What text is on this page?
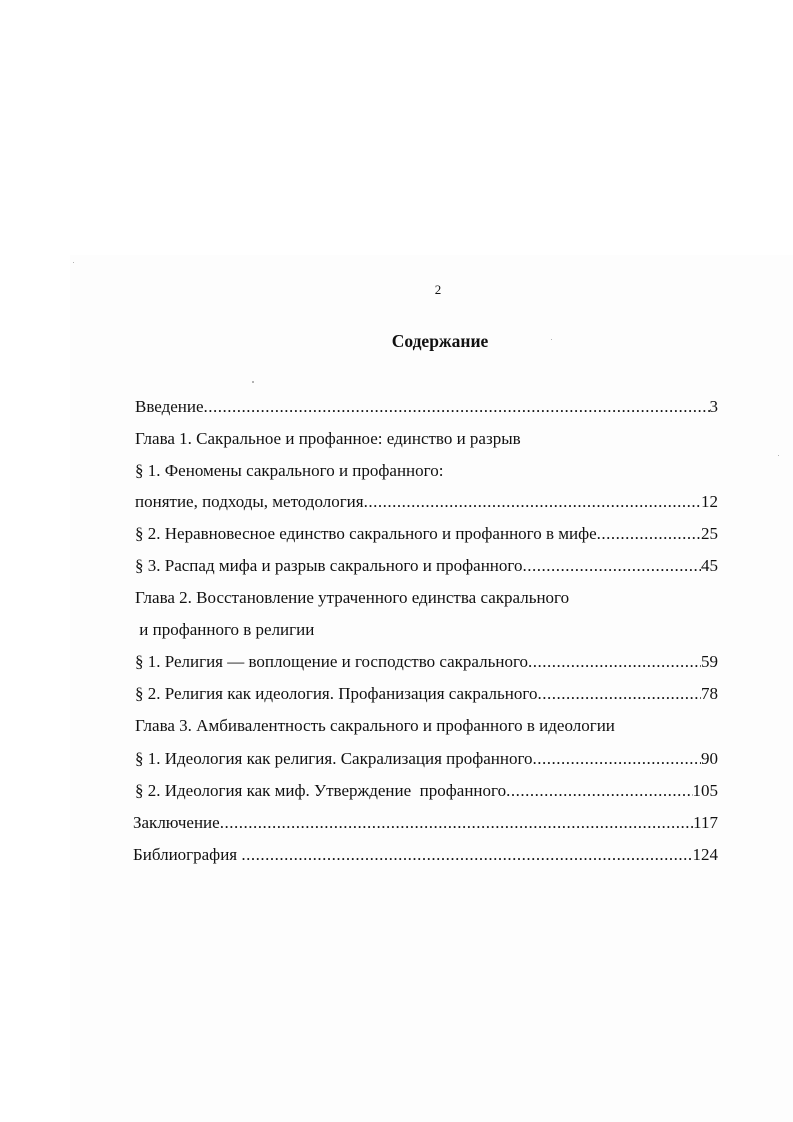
2
Содержание
Введение .....	3
Глава 1. Сакральное и профанное: единство и разрыв
§ 1. Феномены сакрального и профанного:
понятие, подходы, методология .....	12
§ 2. Неравновесное единство сакрального и профанного в мифе .....	25
§ 3. Распад мифа и разрыв сакрального и профанного .....	45
Глава 2. Восстановление утраченного единства сакрального
и профанного в религии
§ 1. Религия — воплощение и господство сакрального .....	59
§ 2. Религия как идеология. Профанизация сакрального .....	78
Глава 3. Амбивалентность сакрального и профанного в идеологии
§ 1. Идеология как религия. Сакрализация профанного .....	90
§ 2. Идеология как миф. Утверждение  профанного .....	105
Заключение .....	117
Библиография .....	124
